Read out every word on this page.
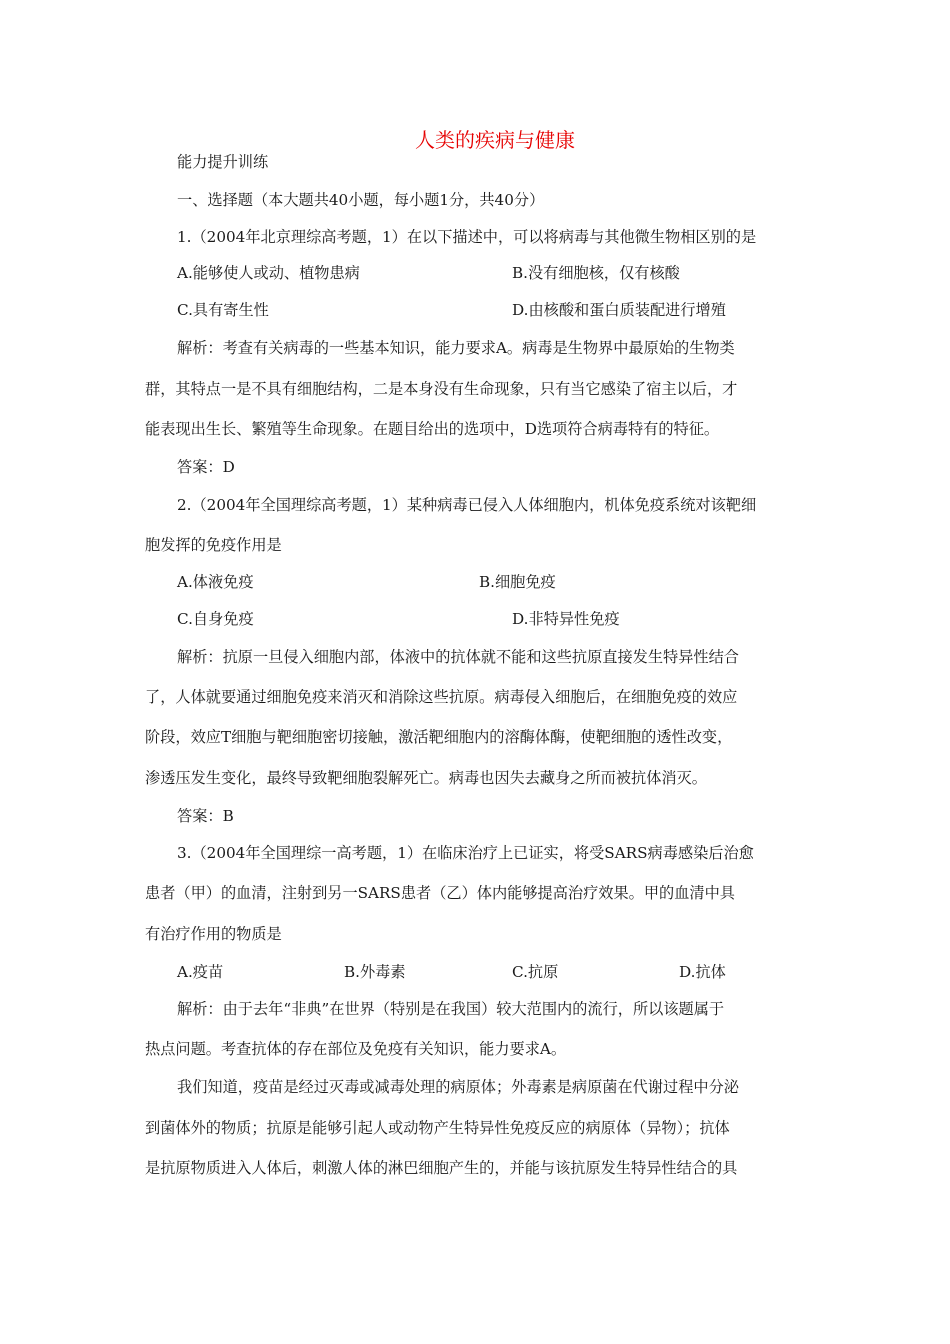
人类的疾病与健康
能力提升训练
一、选择题（本大题共40小题，每小题1分，共40分）
1.（2004年北京理综高考题，1）在以下描述中，可以将病毒与其他微生物相区别的是
A.能够使人或动、植物患病	B.没有细胞核，仅有核酸
C.具有寄生性	D.由核酸和蛋白质装配进行增殖
解析：考查有关病毒的一些基本知识，能力要求A。病毒是生物界中最原始的生物类
群，其特点一是不具有细胞结构，二是本身没有生命现象，只有当它感染了宿主以后，才
能表现出生长、繁殖等生命现象。在题目给出的选项中，D选项符合病毒特有的特征。
答案：D
2.（2004年全国理综高考题，1）某种病毒已侵入人体细胞内，机体免疫系统对该靶细
胞发挥的免疫作用是
A.体液免疫	B.细胞免疫
C.自身免疫	D.非特异性免疫
解析：抗原一旦侵入细胞内部，体液中的抗体就不能和这些抗原直接发生特异性结合
了，人体就要通过细胞免疫来消灭和消除这些抗原。病毒侵入细胞后，在细胞免疫的效应
阶段，效应T细胞与靶细胞密切接触，激活靶细胞内的溶酶体酶，使靶细胞的透性改变，
渗透压发生变化，最终导致靶细胞裂解死亡。病毒也因失去藏身之所而被抗体消灭。
答案：B
3.（2004年全国理综一高考题，1）在临床治疗上已证实，将受SARS病毒感染后治愈
患者（甲）的血清，注射到另一SARS患者（乙）体内能够提高治疗效果。甲的血清中具
有治疗作用的物质是
A.疫苗	B.外毒素	C.抗原	D.抗体
解析：由于去年“非典”在世界（特别是在我国）较大范围内的流行，所以该题属于
热点问题。考查抗体的存在部位及免疫有关知识，能力要求A。
我们知道，疫苗是经过灭毒或减毒处理的病原体；外毒素是病原菌在代谢过程中分泌
到菌体外的物质；抗原是能够引起人或动物产生特异性免疫反应的病原体（异物）；抗体
是抗原物质进入人体后，刺激人体的淋巴细胞产生的，并能与该抗原发生特异性结合的具
